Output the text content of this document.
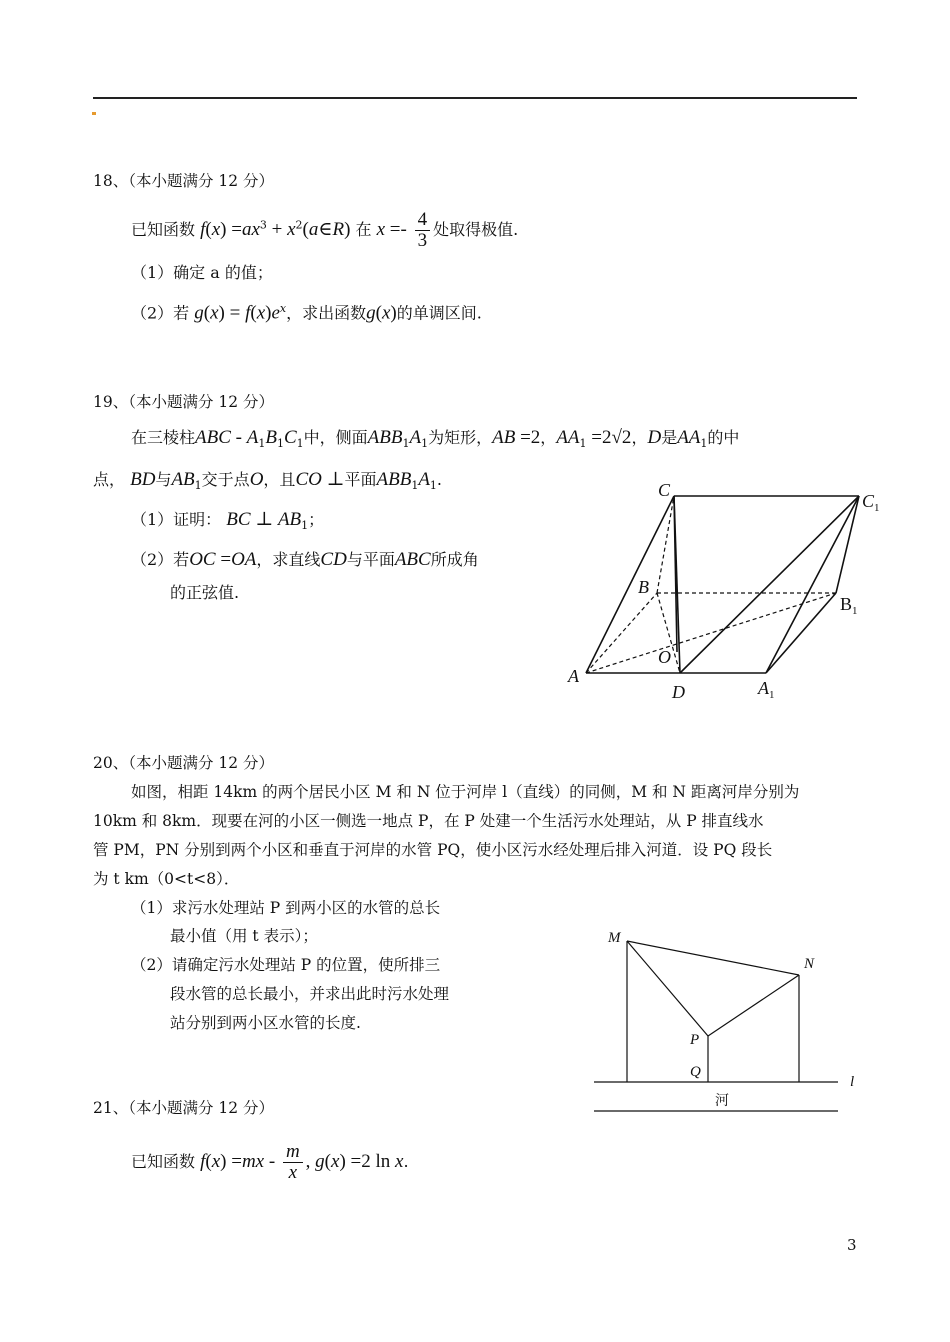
18、（本小题满分 12 分）
已知函数 $f(x) =ax^3$ + $x^2(a\in R)$ 在 $x =- \frac{4}{3}$ 处取得极值.
（1）确定 a 的值；
（2）若 $g(x) = f(x)e^x$，求出函数g(x)的单调区间.
19、（本小题满分 12 分）
在三棱柱ABC - $A_1B_1C_1$中，侧面$ABB_1A_1$为矩形，AB =2，$AA_1 =2√2$，D是$AA_1$的中
点， BD与$AB_1$交于点O，且CO ⊥平面$ABB_1A_1$.
（1）证明： BC ⊥ $AB_1$；
（2）若OC =OA，求直线CD与平面ABC所成角
的正弦值.
C
$C_1$
B
$B_1$
O
A
D	$A_1$
20、（本小题满分 12 分）
如图，相距 14km 的两个居民小区 M 和 N 位于河岸 l（直线）的同侧，M 和 N 距离河岸分别为
10km 和 8km．现要在河的小区一侧选一地点 P，在 P 处建一个生活污水处理站，从 P 排直线水
管 PM，PN 分别到两个小区和垂直于河岸的水管 PQ，使小区污水经处理后排入河道．设 PQ 段长
为 t km（0<t<8）．
（1）求污水处理站 P 到两小区的水管的总长
最小值（用 t 表示）；
（2）请确定污水处理站 P 的位置，使所排三
段水管的总长最小，并求出此时污水处理
站分别到两小区水管的长度.
M
N
P
Q
l
河
21、（本小题满分 12 分）
已知函数 $f(x) =mx - \frac{m}{x}$ , g(x) =2 ln x.
3
